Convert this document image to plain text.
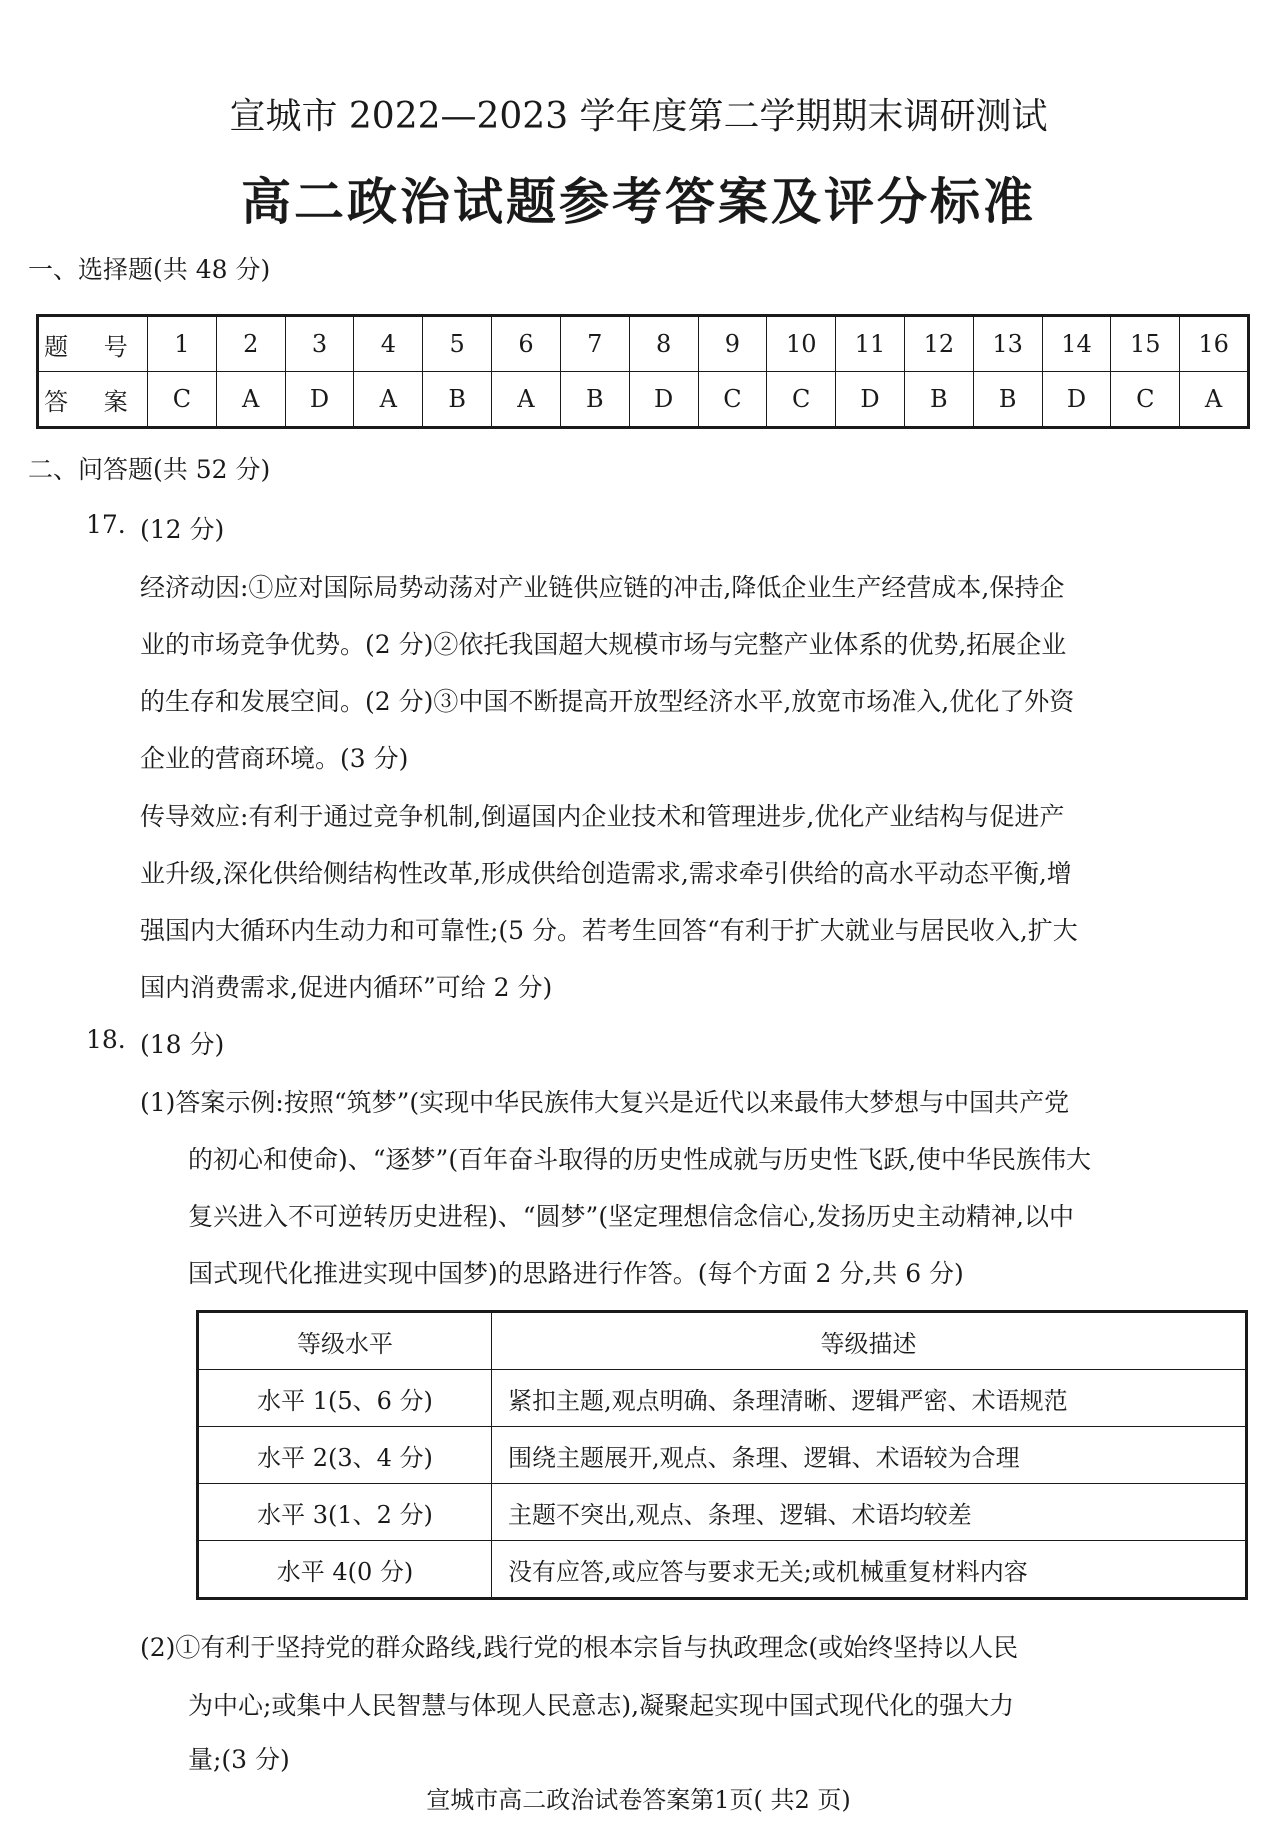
宣城市 2022—2023 学年度第二学期期末调研测试
高二政治试题参考答案及评分标准
一、选择题(共 48 分)
题 号	1	2	3	4	5	6	7	8	9	10	11	12	13	14	15	16
答 案	C	A	D	A	B	A	B	D	C	C	D	B	B	D	C	A
二、问答题(共 52 分)
17. (12 分)
经济动因:①应对国际局势动荡对产业链供应链的冲击,降低企业生产经营成本,保持企
业的市场竞争优势。(2 分)②依托我国超大规模市场与完整产业体系的优势,拓展企业
的生存和发展空间。(2 分)③中国不断提高开放型经济水平,放宽市场准入,优化了外资
企业的营商环境。(3 分)
传导效应:有利于通过竞争机制,倒逼国内企业技术和管理进步,优化产业结构与促进产
业升级,深化供给侧结构性改革,形成供给创造需求,需求牵引供给的高水平动态平衡,增
强国内大循环内生动力和可靠性;(5 分。若考生回答“有利于扩大就业与居民收入,扩大
国内消费需求,促进内循环”可给 2 分)
18. (18 分)
(1)答案示例:按照“筑梦”(实现中华民族伟大复兴是近代以来最伟大梦想与中国共产党
的初心和使命)、“逐梦”(百年奋斗取得的历史性成就与历史性飞跃,使中华民族伟大
复兴进入不可逆转历史进程)、“圆梦”(坚定理想信念信心,发扬历史主动精神,以中
国式现代化推进实现中国梦)的思路进行作答。(每个方面 2 分,共 6 分)
等级水平	等级描述
水平 1(5、6 分)	紧扣主题,观点明确、条理清晰、逻辑严密、术语规范
水平 2(3、4 分)	围绕主题展开,观点、条理、逻辑、术语较为合理
水平 3(1、2 分)	主题不突出,观点、条理、逻辑、术语均较差
水平 4(0 分)	没有应答,或应答与要求无关;或机械重复材料内容
(2)①有利于坚持党的群众路线,践行党的根本宗旨与执政理念(或始终坚持以人民
为中心;或集中人民智慧与体现人民意志),凝聚起实现中国式现代化的强大力
量;(3 分)
宣城市高二政治试卷答案第1页( 共2 页)
